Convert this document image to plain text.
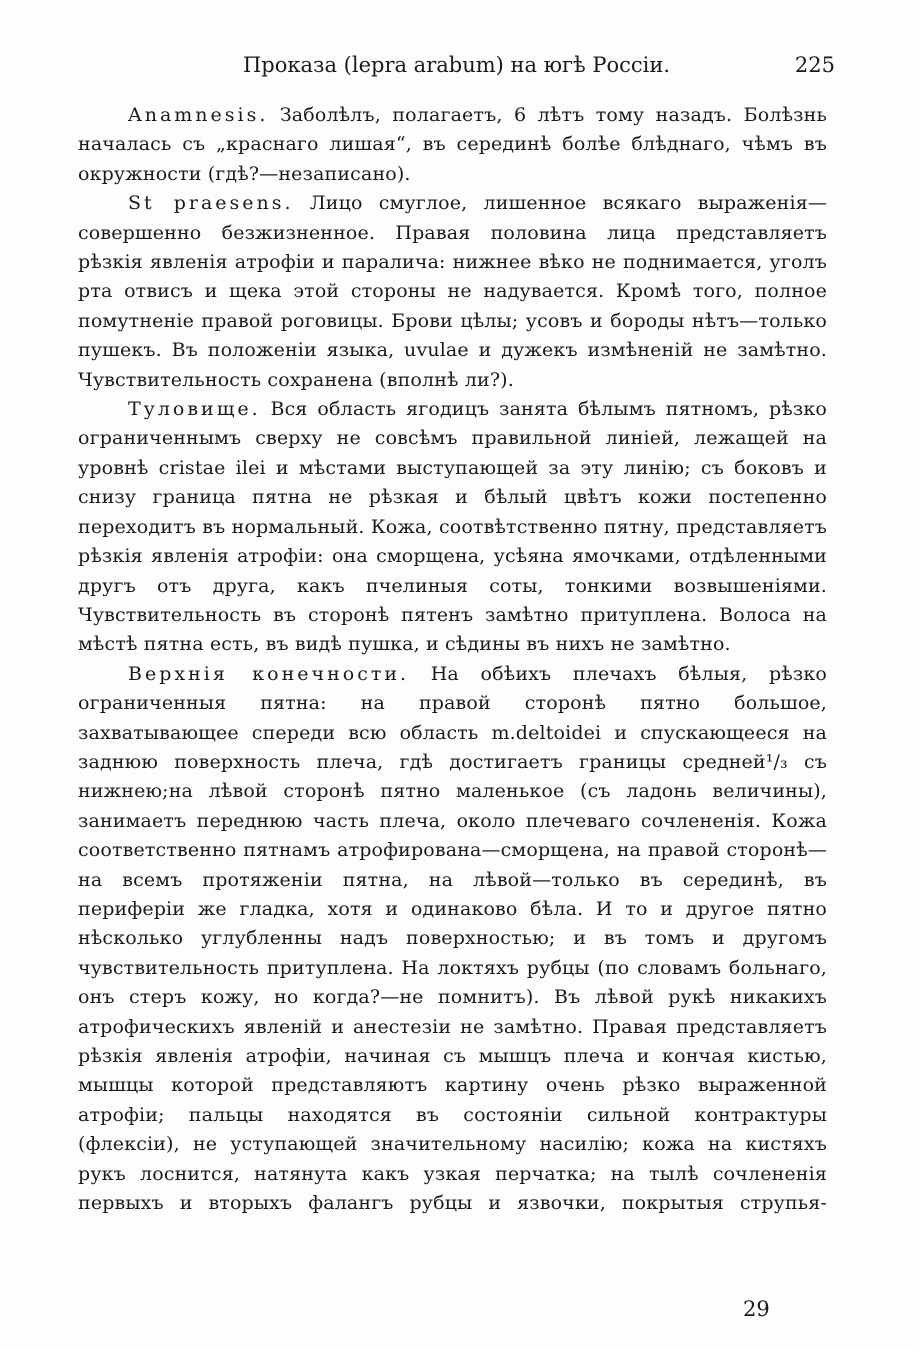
Проказа (lepra arabum) на югѣ Россіи.	225

Anamnesis. Заболѣлъ, полагаетъ, 6 лѣтъ тому назадъ. Болѣзнь началась съ „краснаго лишая“, въ серединѣ болѣе блѣднаго, чѣмъ въ окружности (гдѣ?—незаписано).

St praesens. Лицо смуглое, лишенное всякаго выраженія—совершенно безжизненное. Правая половина лица представляетъ рѣзкія явленія атрофіи и паралича: нижнее вѣко не поднимается, уголъ рта отвисъ и щека этой стороны не надувается. Кромѣ того, полное помутненіе правой роговицы. Брови цѣлы; усовъ и бороды нѣтъ—только пушекъ. Въ положеніи языка, uvulae и дужекъ измѣненій не замѣтно. Чувствительность сохранена (вполнѣ ли?).

Туловище. Вся область ягодицъ занята бѣлымъ пятномъ, рѣзко ограниченнымъ сверху не совсѣмъ правильной линіей, лежащей на уровнѣ cristae ilei и мѣстами выступающей за эту линію; съ боковъ и снизу граница пятна не рѣзкая и бѣлый цвѣтъ кожи постепенно переходитъ въ нормальный. Кожа, соотвѣтственно пятну, представляетъ рѣзкія явленія атрофіи: она сморщена, усѣяна ямочками, отдѣленными другъ отъ друга, какъ пчелиныя соты, тонкими возвышеніями. Чувствительность въ сторонѣ пятенъ замѣтно притуплена. Волоса на мѣстѣ пятна есть, въ видѣ пушка, и сѣдины въ нихъ не замѣтно.

Верхнія конечности. На обѣихъ плечахъ бѣлыя, рѣзко ограниченныя пятна: на правой сторонѣ пятно большое, захватывающее спереди всю область m.deltoidei и спускающееся на заднюю поверхность плеча, гдѣ достигаетъ границы средней¹/₃ съ нижнею;на лѣвой сторонѣ пятно маленькое (съ ладонь величины), занимаетъ переднюю часть плеча, около плечеваго сочлененія. Кожа соответственно пятнамъ атрофирована—сморщена, на правой сторонѣ—на всемъ протяженіи пятна, на лѣвой—только въ серединѣ, въ периферіи же гладка, хотя и одинаково бѣла. И то и другое пятно нѣсколько углубленны надъ поверхностью; и въ томъ и другомъ чувствительность притуплена. На локтяхъ рубцы (по словамъ больнаго, онъ стеръ кожу, но когда?—не помнитъ). Въ лѣвой рукѣ никакихъ атрофическихъ явленій и анестезіи не замѣтно. Правая представляетъ рѣзкія явленія атрофіи, начиная съ мышцъ плеча и кончая кистью, мышцы которой представляютъ картину очень рѣзко выраженной атрофіи; пальцы находятся въ состояніи сильной контрактуры (флексіи), не уступающей значительному насилію; кожа на кистяхъ рукъ лоснится, натянута какъ узкая перчатка; на тылѣ сочлененія первыхъ и вторыхъ фалангъ рубцы и язвочки, покрытыя струпья-

29
